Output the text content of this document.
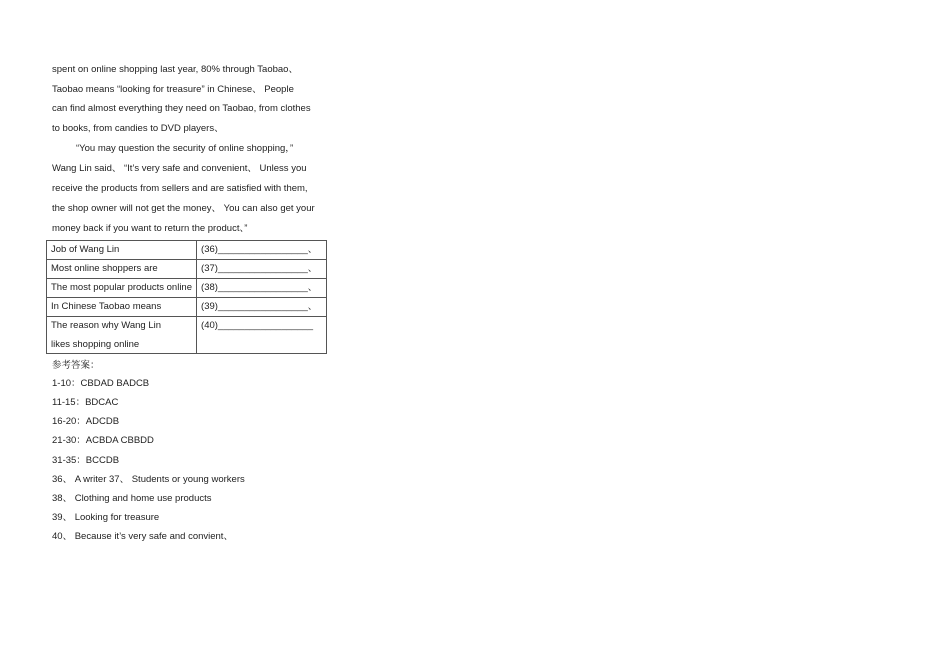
spent on online shopping last year, 80% through Taobao、
Taobao means “looking for treasure” in Chinese、 People
can find almost everything they need on Taobao, from clothes
to books, from candies to DVD players、
“You may question the security of online shopping，”
Wang Lin said、 “It’s very safe and convenient、 Unless you
receive the products from sellers and are satisfied with them,
the shop owner will not get the money、 You can also get your
money back if you want to return the product、”
Job of Wang Lin	(36)_________________、
Most online shoppers are	(37)_________________、
The most popular products online	(38)_________________、
In Chinese Taobao means	(39)_________________、
The reason why Wang Lin
likes shopping online	(40)__________________
参考答案：
1-10：CBDAD BADCB
11-15：BDCAC
16-20：ADCDB
21-30：ACBDA CBBDD
31-35：BCCDB
36、 A writer 37、 Students or young workers
38、 Clothing and home use products
39、 Looking for treasure
40、 Because it’s very safe and convient、
